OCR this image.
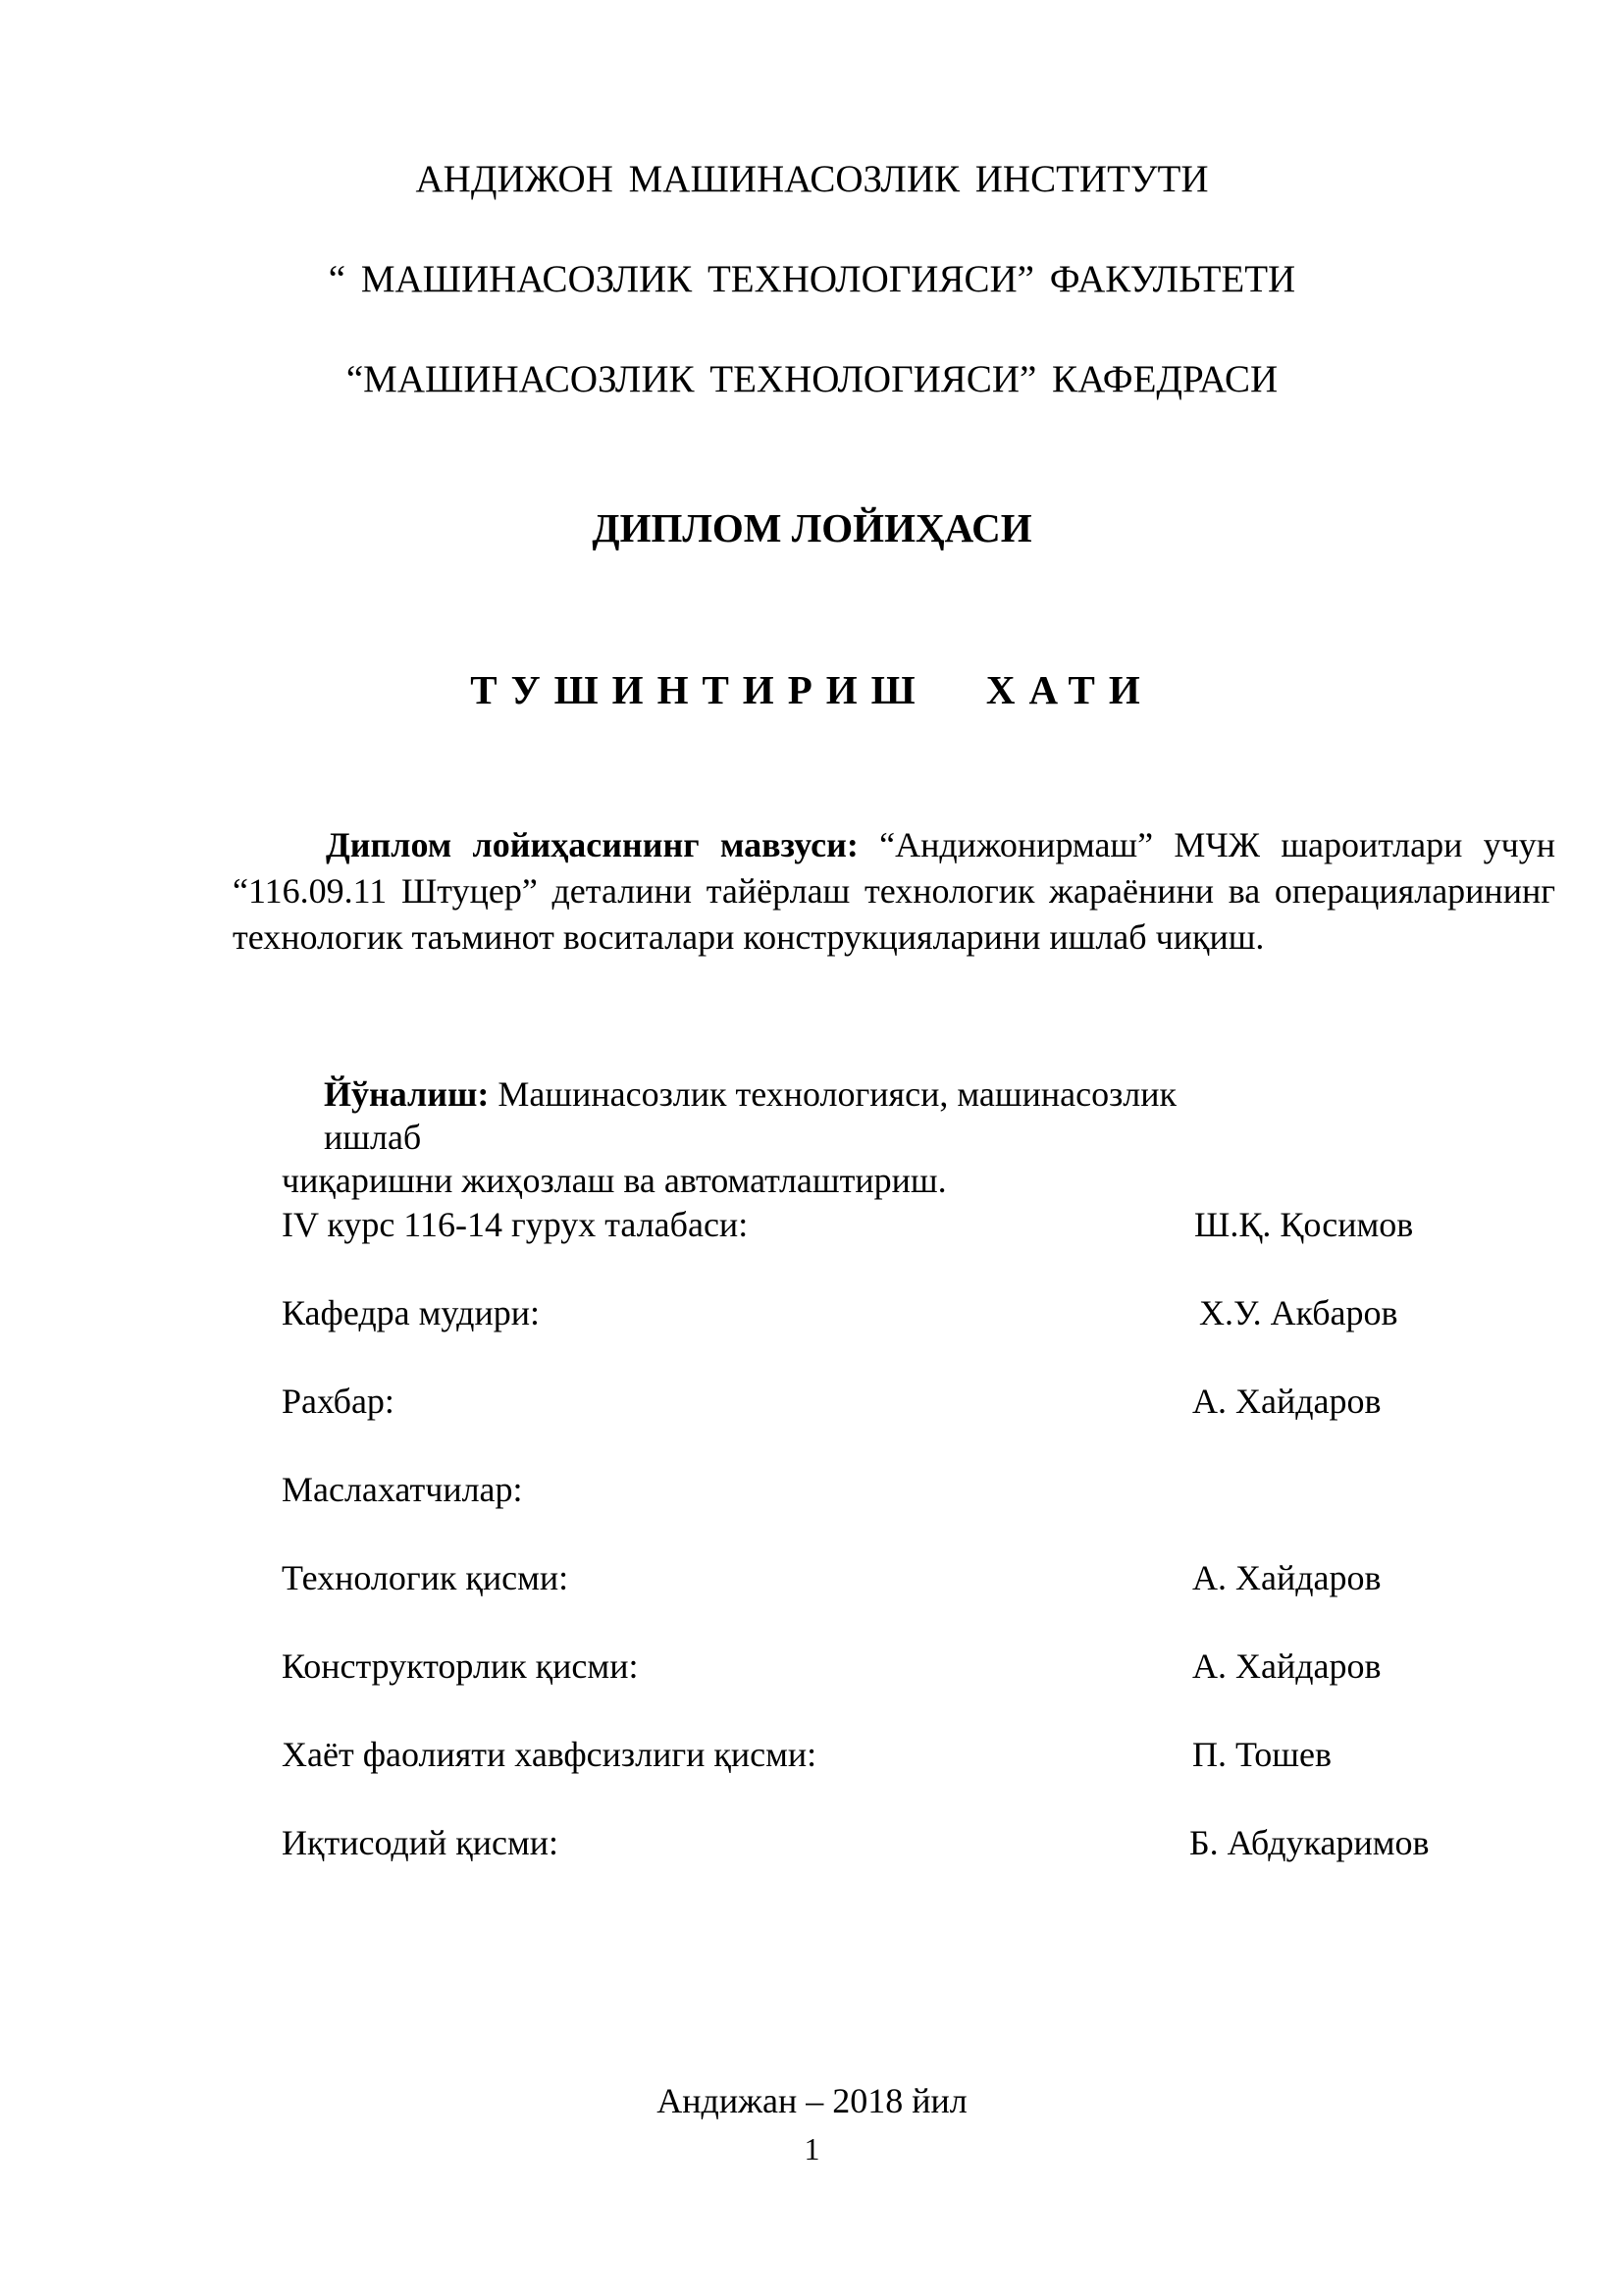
АНДИЖОН МАШИНАСОЗЛИК ИНСТИТУТИ
“ МАШИНАСОЗЛИК ТЕХНОЛОГИЯСИ” ФАКУЛЬТЕТИ
“МАШИНАСОЗЛИК ТЕХНОЛОГИЯСИ” КАФЕДРАСИ
ДИПЛОМ ЛОЙИҲАСИ
ТУШИНТИРИШ ХАТИ
Диплом лойиҳасининг мавзуси: “Андижонирмаш” МЧЖ шароитлари учун “116.09.11 Штуцер” деталини тайёрлаш технологик жараёнини ва операцияларининг технологик таъминот воситалари конструкцияларини ишлаб чиқиш.
Йўналиш: Машинасозлик технологияси, машинасозлик ишлаб
чиқаришни жиҳозлаш ва автоматлаштириш.
IV курс 116-14 гурух талабаси:	Ш.Қ. Қосимов
Кафедра мудири:	Х.У. Акбаров
Рахбар:	А. Хайдаров
Маслахатчилар:
Технологик қисми:	А. Хайдаров
Конструкторлик қисми:	А. Хайдаров
Хаёт фаолияти хавфсизлиги қисми:	П. Тошев
Иқтисодий қисми:	Б. Абдукаримов
Андижан – 2018 йил
1
